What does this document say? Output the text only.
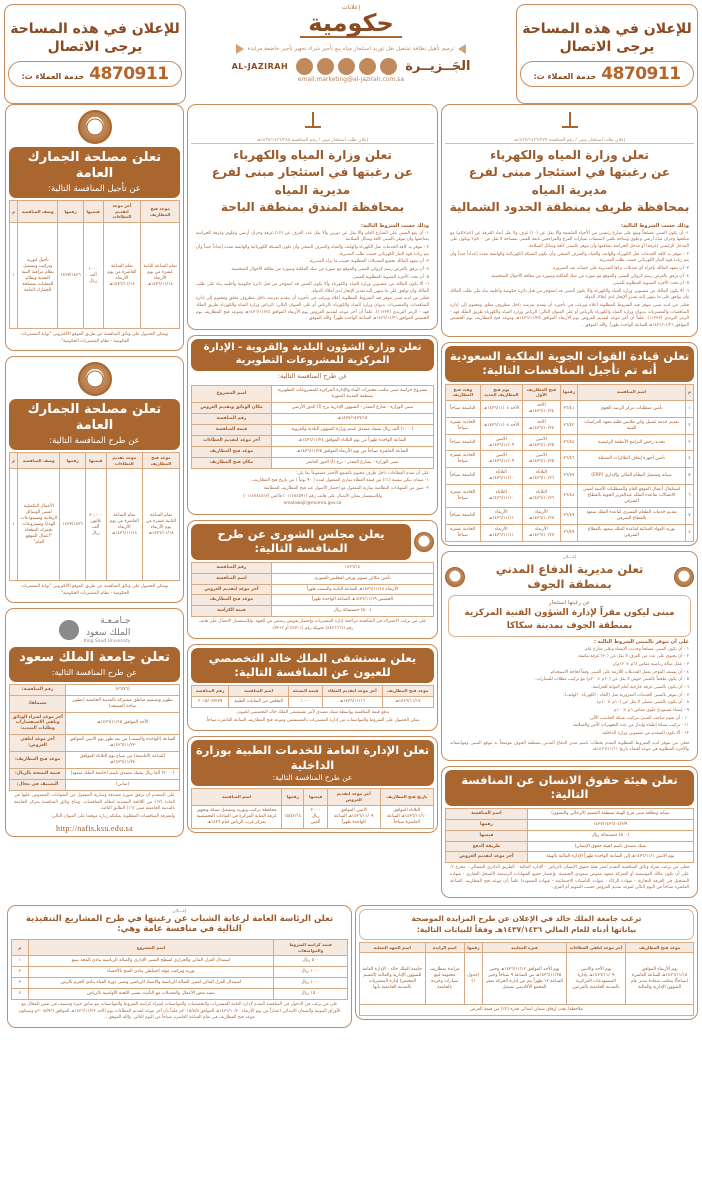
للإعلان في هذه المساحة
يرجى الاتصال
4870911
خدمة العملاء ت:
إعلانات
حكومية
ترميم تأهيل نظافة تشغيل نقل توريد استئجار مياه بيع تأجير شراء تجهيز تأجيز خاضعة مزايدة
الجَــزيــرة
AL-JAZIRAH
email:marketing@al-jazirah.com.sa
للإعلان في هذه المساحة
يرجى الاتصال
4870911
خدمة العملاء ت:
إعلان طلب استئجار مبنى / رقم المنافسة ١٤٣٧/١٤٣٦/٣٧٩هـ
تعلن وزارة المياه والكهرباء
عن رغبتها في استئجار مبنى لفرع مديرية المياه
بمحافظة طريف بمنطقة الحدود الشمالية
وذلك حسب الشروط التالية:

١- أن يكون المبنى مسلحاً ويقع على شارع رئيسي من الأحياء الفاشمة وألا يقل عن (١٠) غرف ولا تقل أبعاد الغرفة عن (٤م×٥م) مع منافعها وخزان مياه أرضي وعلوي وساحة تكفي لاستيعاب سيارات الفرع والمراجعين تابعة للمبنى بمساحة لا تقل عن ٥٠٠م٢ ويكون على المدخل الرئيسي (غرفة) أو مدخل للحراسة بمنافعها وأن يتوفر بالمبنى كافة وسائل السلامة.

٢ - تتوفر به كافة الخدمات مثل الكهرباء والهاتف والمياه والصرف الصحي وأن تكون الشبكة الكهربائية والهاتفية معدة إعداداً جيداً وأن يتم زيادة قوة التيار الكهربائي حسب طلب المديرية.

٣- أن يتعهد المالك بإجراء أي تعديلات تراها المديرية على حسابه عند الضرورة.

٤- أن يرفق بالعرض رسم كروكي للمبنى والموقع مع صورة من صك الملكية وصورة من بطاقة الأحوال الشخصية.

٥- أن تحدد الأجرة السنوية المطلوبة للمبنى.

٦- ألا يكون المالك من منسوبي وزارة المياه والكهرباء وألا يكون المبنى قد استؤجر من قبل دائرة حكومية وأخليته بناء على طلب المالك وأن يوافق على ما ينتهي إليه تقدير الإيجار لدى أملاك الدولة.

فعلى من لديه مبنى تتوفر فيه الشروط المطلوبة أعلاه ويرغب في تأجيره أن يتقدم بعرضه داخل مظروف مغلق ومختوم إلى إدارة المناقصات والمشتريات بديوان وزارة المياه والكهرباء بالرياض أو على العنوان التالي: الرياض وزارة المياه والكهرباء طريق الملك فهد - الرمز البريدي (١١٢٣٣). علماً أن آخر موعد لتقديم العروض يوم الأربعاء الموافق ١٤٣٦/١١/٢٥هـ وموعد فتح المظاريف يوم الخميس الموافق ١٤٣٦/١١/٢٦هـ الساعة الواحدة ظهراً. والله الموفق ..

تعلن قيادة القوات الجوية الملكية السعودية أنه تم تأجيل المنافسات التالية:
م	اسم المنافسة	رقمها	فتح المظاريف الأول	يوم فتح المظاريف الجديد	وقت فتح المظاريف
١	تأمين متطلبات مركز الرصد الجوي	٣٦/٤١	الأحد ١٤٣٦/١٠/٢٤هـ	الأحد ١٤٣٦/١١/٠٨هـ	التاسعة صباحاً
٢	تقديم خدمة غسيل وكي ملابس طلبة معهد الدراسات الفنية	٣٦/٤٢	الأحد ١٤٣٦/١٠/٢٤هـ	الأحد ١٤٣٦/١١/٠٨هـ	الحادية عشرة صباحاً
٣	تجديد رخص البرامج الأنظمة الرئيسية	٣٦/٤٤	الاثنين ١٤٣٦/١٠/٢٥هـ	الاثنين ١٤٣٦/١١/٠٩هـ	التاسعة صباحاً
٤	تأمين أجهزة إيقاف الطائرات المتنقلة	٣٦/٤٦	الاثنين ١٤٣٦/١٠/٢٥هـ	الاثنين ١٤٣٦/١١/٠٩هـ	الحادية عشرة صباحاً
٥	صيانة وتشغيل النظام المالي والإداري (ERP)	٣٦/٤٧	الثلاثاء ١٤٣٦/١٠/٢٦هـ	الثلاثاء ١٤٣٦/١١/١٠هـ	التاسعة صباحاً
٦	استكمال أعمال الموقع العام والمتطلبات الأمنية لمبنى الاتصالات بقاعدة الملك عبدالعزيز الجوية بالقطاع الشرقي	٣٦/٤٨	الثلاثاء ١٤٣٦/١٠/٢٦هـ	الثلاثاء ١٤٣٦/١١/١٠هـ	الحادية عشرة صباحاً
٧	تقديم خدمات الطعام القسري لقاعدة الملك سعود بالقطاع الشرقي	٣٦/٤٩	الأربعاء ١٤٣٦/١٠/٢٧هـ	الأربعاء ١٤٣٦/١١/١١هـ	التاسعة صباحاً
٨	توريد المواد الغذائية لقاعدة الملك سعود بالقطاع الشرقي	٣٦/٤٩	الأربعاء ١٤٣٦/١٠/٢٧هـ	الأربعاء ١٤٣٦/١١/١١هـ	الحادية عشرة صباحاً
إعـــلان
تعلن مديرية الدفاع المدني بمنطقة الجوف
عن رغبتها استئجار
مبنى ليكون مقراً لإدارة الشؤون الفنية المركزية
بمنطقة الجوف بمدينة سكاكا
على أن تتوفر بالمبنى الشروط التالية :

١ - أن يكون المبنى مسلحاً وحديث الإنشاء وعلى شارع عام.

٢ - أن يحتوي على عدد من الغرف لا يقل عن (٣٠) غرفة مكيفة.

٣ - عمل صالة رياضية مقاس (٦م × ١٢م)ر.

٤ - أن يستعد المؤجر بعمل التعديلات اللازمة على المبنى وفقاً لحاجة الاستخدام.

٥ - أن يكون ملحقاً بالمبنى حوش لا يقل عن (٢٠م × ٢٠م) مع تركيب مظلات للسيارات.

٦ - أن يكون بالمبنى غرفة خارجية أمام البوابة للحراسة.

٧ - أن تتوفر بالمبنى الخدمات الضرورية مثل (الماء - الكهرباء - الهاتف).

٨ - أن يكون بالمبنى مصلى لا يقل عن (١٠م × ١٠م).

٩ - إنشاء مستودع علوي مقاس ٦م × ١٠م.

١٠ - أن يقوم صاحب المبنى بتركيب شبكة الحاسب الآلي.

١١ - تركيب شبكة إطفاء وإنذار من عدة التجهيزات الأمن والسلامة.

١٢ - ألا يكون المتقدم من منسوبي وزارة الداخلية.

فعلى من تتوفر لديه الشروط المطلوبة التقدم بخطاب باسم مدير الدفاع المدني بمنطقة الجوف موضحاً به موقع المبنى ومواصفاته والأجرة المطلوبة في موعد أقصاه تاريخ ١٤٣٦/١١/١١هـ.

تعلن هيئة حقوق الانسان عن المنافسة التالية:
صيانة ونظافة مبنى فرع الهيئة بمنطقة القصيم (الرجالي والنسوي)	اسم المنافسة
١٤٣٧/١٤٣٦/٠٤/٣/٩	رقمها
(٥٠٠) خمسمائة ريال	قيمتها
شيك مصدق باسم (هيئة حقوق الإنسان)	طريقة الدفع
يوم الاثنين ١٤٣٦/١١/١هـ إلى الساعة الواحدة ظهراً الإدارة المالية بالهيئة	آخر موعد لتقديم العروض
فعلى من يرغب شراء وثائق المنافسة التقدم لمقر هيئة حقوق الإنسان بالرياض - الإدارة المالية - الطريق الدائري الشمالي - مخرج ٢، على أن يكون مالك المؤسسة أو الشركة متعهد مفوض سعودي الجنسية، وإحضار جميع الشهادات الرسمية (السجل التجاري - شهادة التسجيل في الغرفة التجارية - شهادة الزكاة - شهادة التأمينات الاجتماعية - شهادة السعودة) علماً بأن موعد فتح المظاريف الساعة العاشرة صباحاً من اليوم التالي لموعد تقديم العروض حسب التقويم أم الفرى.
إعلان طلب استئجار مبنى / رقم المنافسة ١٤٣٧/١٤٣٦/٣٨٥هـ
تعلن وزارة المياه والكهرباء
عن رغبتها في استئجار مبنى لفرع مديرية المياه
بمحافظة المندق بمنطقة الباحة
وذلك حسب الشروط التالية:

١- أن يقع المبنى على الشارع العام وألا يقل عن دورين وألا يقل عدد الغرف عن (١٢) غرفة وخزان أرضي وعلوي وغرفة للحراسة يمتاحفها وأن يتوفر بالمبنى كافة وسائل السلامة.

٢ - تتوفر به كافة الخدمات مثل الكهرباء والهاتف والمياه والصرف الصحي وأن تكون الشبكة الكهربائية والهاتفية معدة إعداداً جيداً وأن يتم زيادة قوة التيار الكهربائي حسب طلب المديرية.

٣- أن يتعهد المالك بجميع التعديلات المطلوبة حسب ما تراه المديرية.

٤- أن يرفق بالعرض رسم كروكي للمبنى والموقع مع صورة من صك الملكية وصورة من بطاقة الأحوال الشخصية.

٥- أن تحدد الأجرة السنوية المطلوبة للمبنى.

٦- ألا يكون المالك من منسوبي وزارة المياه والكهرباء وألا يكون المبنى قد استؤجر من قبل دائرة حكومية وأخليته بناء على طلب المالك وأن يوافق على ما ينتهي إليه تقدير الإيجار لدى أملاك الدولة.

فعلى من لديه مبنى تتوفر فيه الشروط المطلوبة أعلاه ويرغب في تأجيره أن يتقدم بعرضه داخل مظروف مغلق ومختوم إلى إدارة المناقصات والمشتريات بديوان وزارة المياه والكهرباء بالرياض أو على العنوان التالي: الرياض وزارة المياه والكهرباء طريق الملك فهد - الرمز البريدي (١١٢٣٣). علماً أن آخر موعد لتقديم العروض يوم الأربعاء الموافق ١٤٣٦/١١/٢٥هـ وموعد فتح المظاريف يوم الخميس الموافق ١٤٣٦/١١/٢٦هـ الساعة الواحدة ظهراً. والله الموفق ..

تعلن وزارة الشؤون البلدية والقروية - الإدارة المركزية للمشروعات التطويرية
عن طرح المنافسة التالية:
مشروع حراسة مبنى مكتب مختبرات البناء والإدارة المركزية للمشروعات التطويرية بمنطقة المدينة المنورة	اسم المشروع
مبنى الوزارة - شارع المعذر - الشؤون الإدارية برج (أ) الدور الأرضي	مكان الوثائق وتقديم العروض
١٤٣٧/١٤٣٦/١٥هـ	رقم المنافسة
(١٠٠٠) ألف ريال بشيك مصدق باسم وزارة الشؤون البلدية والقروية	قيمة المنافسة
الساعة الواحدة ظهراً من يوم الثلاثاء الموافق ١٤٣٦/١١/٢٤هـ	آخر موعد لتقديم العطاءات
الساعة العاشرة صباحاً من يوم الأربعاء الموافق ١٤٣٦/١١/٢٥هـ	موعد فتح المظاريف
مبنى الوزارة - بشارع المعذر - برج (أ) الدور العاشر	مكان فتح المظاريف

على أن تقدم العطاءات داخل ظرف مختوم بالشمع الأحمر مشفوعاً بما يلي:

١- ضمان بنكي بنسبة (١٪) من قيمة العطاء ساري المفعول لمدة ( ٩٠ يوماً ) من تاريخ فتح المظاريف.

٢- صور من الشهادات النظامية سارية المفعول مع إحضار الأصول عند فتح المظاريف للمطابقة

وللاستفسار يمكن الاتصال على هاتف رقم (٠١١٤٧٤٥٩١) فاكس (٠١١٤٧٤٤٨٦٢)

emalawajil@momra.gov.sa

يعلن مجلس الشورى عن طرح المنافسة التالية:
١٤٣٦/١٤	رقم المنافسة
تأمين مكائن تصوير ورقي لمجلس الشورى	اسم المنافسة
الأربعاء ١٤٣٦/١١/١٨هـ الساعة الثانية والنصف ظهراً	آخر موعد لتقديم العروض
الخميس ١٤٣٦/١١/١٩هـ الساعة الواحدة ظهراً	موعد فتح المظاريف
(٥٠٠) خمسمائة ريال	قيمة الكراسة
على من يرغب الاشتراك في المنافسة مراجعة إدارة المشتريات وإحضار تفويض رسمي من الجهة. وللاستفسار الاتصال على هاتف رقم (٤٨٢٦٦٦٦) تحويلة رقم (٤٢٧١١ أو ٧٢١٢).
يعلن مستشفى الملك خالد التخصصي للعيون عن المنافسة التالية:
موعد فتح المظاريف	آخر موعد لتقديم العطاء	قيمة النسخة	اسم المنافسة	رقم المنافسة
١٤٣٦/١١/١٧هـ	١٤٣٦/١١/١٦هـ	١٠٠٠	التخلص من النفايات الطبية	٢٠١٥/٠٣/٢٧٩

تدفع قيمة المنافسة بواسطة شيك مصدق لأمر مستشفى الملك خالد التخصصي للعيون.

يمكن الحصول على الشروط والمواصفات من إدارة المشتريات بالمستشفى وموعد فتح المظاريف الساعة العاشرة صباحاً.

تعلن الإدارة العامة للخدمات الطبية بوزارة الداخلية
عن طرح المنافسة التالية:
تاريخ فتح المظاريف	آخر موعد لتقديم العروض	قيمتها	رقمها	اسم المنافسة
الثلاثاء الموافق ١٤٣٦/١١/١٠هـ الساعة العاشرة صباحاً	الاثنين الموافق ١٤٣٦/١١/٠٩هـ الساعة الواحدة ظهراً	٢٠٠٠ ريال ألفين	١٥/٤٢/١٤	محافظة تركيب وتوريد وتشغيل شبكة وتجهيز غرفة العناية المركزة في العيادات التخصصية بمركز غرب الرياض لعام ١٤٣٦هـ
تعلن مصلحة الجمارك العامة
عن تأجيل المنافسة التالية:
موعد فتح المظاريف	أخر موعد لتقديم العطاءات	قيمتها	رقمها	وصف المنافسة	م
تمام الساعة الثانية عشرة من يوم الأربعاء ١٤٣٦/١١/١٨هـ	تمام الساعة العاشرة من يوم الأربعاء ١٤٣٦/١١/١٨هـ	١٠٠٠ ألف ريال	١٤٣٧/١٤٣٦	تأجيل لتوريد وتركيب وتشغيل نظام مراقبة البنية التحتية ونظام العمليات بمصلحة الجمارك العامة	١
ويمكن الحصول على وثائق المنافسة عن طريق الموقع الالكتروني "بوابة المشتريات الحكومية - نظام المشتريات الحكومية".
تعلن مصلحة الجمارك العامة
عن طرح المنافسة التالية:
موعد فتح المظاريف	موعد تقديم العطاءات	قيمتها	رقمها	وصف المنافسة	م
تمام الساعة الثانية عشرة من يوم الأربعاء ١٤٣٦/١١/١٨هـ	تمام الساعة العاشرة من يوم الأربعاء ١٤٣٦/١١/١٨هـ	٣٠,٠٠٠ ثلاثون ألف ريال	١٤٣٧/١٤٣٦	الأعمال التكميلية لمبنى الوسائل الرقابية ومستودعات الهدايا ومشروعات بجمرك البطحاء "أعمال الموقع العام"	١
ويمكن الحصول على وثائق المنافسة عن طريق الموقع الالكتروني "بوابة المشتريات الحكومية - نظام المشتريات الحكومية".
جـامـعـة
الملك سعود
King Saud University
تعلن جامعة الملك سعود
عن طرح المنافسة التالية:
(٣٦/٧٦)	رقم المنافسة:
تطوير وتصميم مناطق مشتركة بالمدينة الجامعية (تطوير ساحة المسجد)	مسماها:
الأحد الموافق ١٤٣٦/١١/١٥هـ	آخر موعد لشراء الوثائق وتلقي الاستفسارات وطلبات التمديد:
الساعة (الواحدة والنصف) من بعد ظهر يوم الاثنين الموافق ١٤٣٦/١١/٢٣هـ	آخر موعد لتلقي العروض:
الساعة (التاسعة) من صباح يوم الثلاثاء الموافق ١٤٣٦/١١/٢٤هـ	موعد فتح المظاريف:
(٢٠٠٠) ألفا ريال بشيك مصدق باسم (جامعة الملك سعود)	قيمة النسخة بالريال:
(مباني)	التصنيف في مجال:

على المتقدم أن يرفق صورة مصدقة وسارية المفعول من الشهادات المنصوص عليها في المادة (١٢) من اللائحة التنفيذية لنظام المنافسات. وتباع وثائق المنافسة بمركز الجامعة بالمدينة الجامعية مبنى (١٦) الطابق الثالث.

ولمعرفة المنافسات المطلوبة يمكنكم زيارة موقعنا على العنوان التالي:

http://nafis.ksu.edu.sa
ترغب جامعة الملك خالد في الإعلان عن طرح المزايدة الموضحة
بياناتها أدناه للعام المالي ١٤٣٧/١٤٣٦هـ وفقاً للبيانات التالية:
موعد فتح المظاريف	آخر موعد لتلقي العطاءات	فترة المعاينة	رقمها	اسم الزايدة	اسم الجهة المعلنة
يوم الأربعاء الموافق ١٤٣٦/١١/١٥هـ الساعة العاشرة (صباحاً) بمكتب سعادة مدير عام الشؤون الإدارية والمالية	يوم الأحد والاثنين ١٤٣٦/١١/٠٩هـ بإدارة المستودعات المركزية بالمدينة الجامعية بالفرعين	يوم الأحد الموافق ١٤٣٦/١١/١٢هـ وحتى ١٤٣٦/١١/٢٥هـ من الساعة ٩ صباحاً وحتى الساعة ١٢ ظهراً يتم من إدارة الحركة بمقر المجمع الأكاديمي بفيصل	(جدول ١)	مزايدة بمظاريف مختومة لبيع سيارات وخردة بالجامعة	جامعة الملك خالد - الإدارة العامة للشؤون الإدارية والمالية (القسم المختص) إدارة المشتريات بالمدينة الجامعية بأبها
ملاحظة/ يجب إرفاق ضمان ابتدائي قدره (٢٪) من قيمة العرض					
إعـــلان
تعلن الرئاسة العامة لرعاية الشباب عن رغبتها في طرح المشاريع التنفيذية التالية في منافسة عامة وهي:
قيمة كراسة الشروط والمواصفات	اسم المشروع	م
٥٠٠ ريال	استبدال العزل المائي والحراري لسطح المبنى الإداري والصالة الرياضية بنادي المجد بينبع	١
١٠٠٠ ريال	توريد وتركيب مولد احتياطي بنادي الفتح بالأحساء	٢
١٠٠٠ ريال	استبدال العزل المائي لمبنى الصالة الرياضية والاستاد الرياضي ومبنى دورة المياه بنادي الحزم بالرس	٣
١٥٠٠ ريال	تنفيذ بعض الأعمال والتعديلات مع التأثيث بمبنى اللجنة الأولمبية بالرياض	٤
على من يرغب في الدخول في المنافسة التقدم لإدارة العامة للمشتريات والتخصصات والمواصفات لشراء كراسة الشروط والمواصفات مع سابق خبرة وتصنيف في نفس المجال مع الأوراق الثبوتية والضمان الابتدائي اعتباراً من يوم الأربعاء ١٤٣٦/١٠/٢٠هـ الموافق ٢٠١٥/٨/٥م علماً بأن آخر موعد لتقديم العطاءات يوم الأحد ١٤٣٦/١١/٢٢هـ الموافق ٢٠١٥/٩/٦م وسيكون موعد فتح المظاريف في تمام الساعة العاشرة صباحاً من اليوم التالي. والله الموفق ..
